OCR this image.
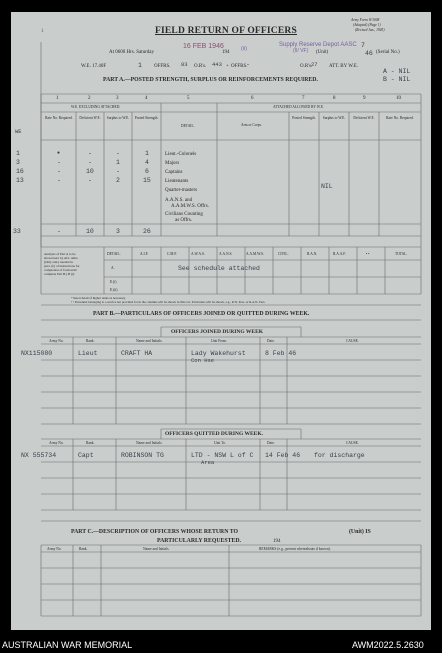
1	FIELD RETURN OF OFFICERS
Army Form W.3008
(Adapted) (Page 1)
(Revised Jan., 1945)
At 0600 Hrs. Saturday
16 FEB 1946
194
(ii)
Supply Reserve Depot AASC
(II/ VF) (Unit)
7
46 (Serial No.)
W.E. 17.40F	1 OFFRS. 83 O.R's. 443 +	-
OFFRS.	O.R's.
27 ATT. BY W.E.
A - NIL
B - NIL
PART A.—POSTED STRENGTH, SURPLUS OR REINFORCEMENTS REQUIRED.
1	2	3	4	5	6	7	8	9	10
W.E. EXCLUDING ATTACHED.	ATTACHED ALLOWED BY W.E.
Rate No. Required.	Deficient W.E.	Surplus to W.E. Posted Strength.
DETAIL.	Arm or Corps.
Posted Strength.	Surplus to W.E.	Deficient W.E.	Rate No. Required.
WE
1	●	-	-	1	Lieut.-Colonels
3	-	-	1	4	Majors
16	-	10	-	6	Captains
13	-	-	2	15	Lieutenants
Quarter-masters
A.A.N.S. and
A.A.M.W.S. Offrs.
Civilians Counting
as Offrs.
NIL
33	-	10	3	26
Analysis of Part A to be
shown here by ALL units.
(Only entry needed in
para. (b) of instructions for
completion of form until
complete Part B.) B (i).
DETAIL.	A.I.F.	C.M.F.	A.W.A.S.	A.A.N.S.	A.A.M.W.S.	CIVIL.	R.A.N.	R.A.A.F.	• •	TOTAL.
A.
E.(i)
E.(ii)
See schedule attached
* Insert detail of higher ranks as necessary.
• • Personnel belonging to a service not provided for in the columns will be shown in this Col. Particulars will be shown, e.g., R.N. Pers. or R.A.N. Pers.
PART B.—PARTICULARS OF OFFICERS JOINED OR QUITTED DURING WEEK.
OFFICERS JOINED DURING WEEK
Army No.	Rank.	Name and Initials.	Unit From.	Date.	CAUSE.
NX115080	Lieut	CRAFT HA	Lady Wakehurst
Con Hse
8 Feb 46
OFFICERS QUITTED DURING WEEK.
Army No.	Rank.	Name and Initials.	Unit To.	Date.	CAUSE.
NX 555734	Capt	ROBINSON TG	LTD - NSW L of C
Area
14 Feb 46 for discharge
PART C.—DESCRIPTION OF OFFICERS WHOSE RETURN TO	(Unit) IS
PARTICULARLY REQUESTED.	194
Army No.	Rank.	Name and Initials.	REMARKS (e.g., present whereabouts if known).
AUSTRALIAN WAR MEMORIAL	AWM2022.5.2630
